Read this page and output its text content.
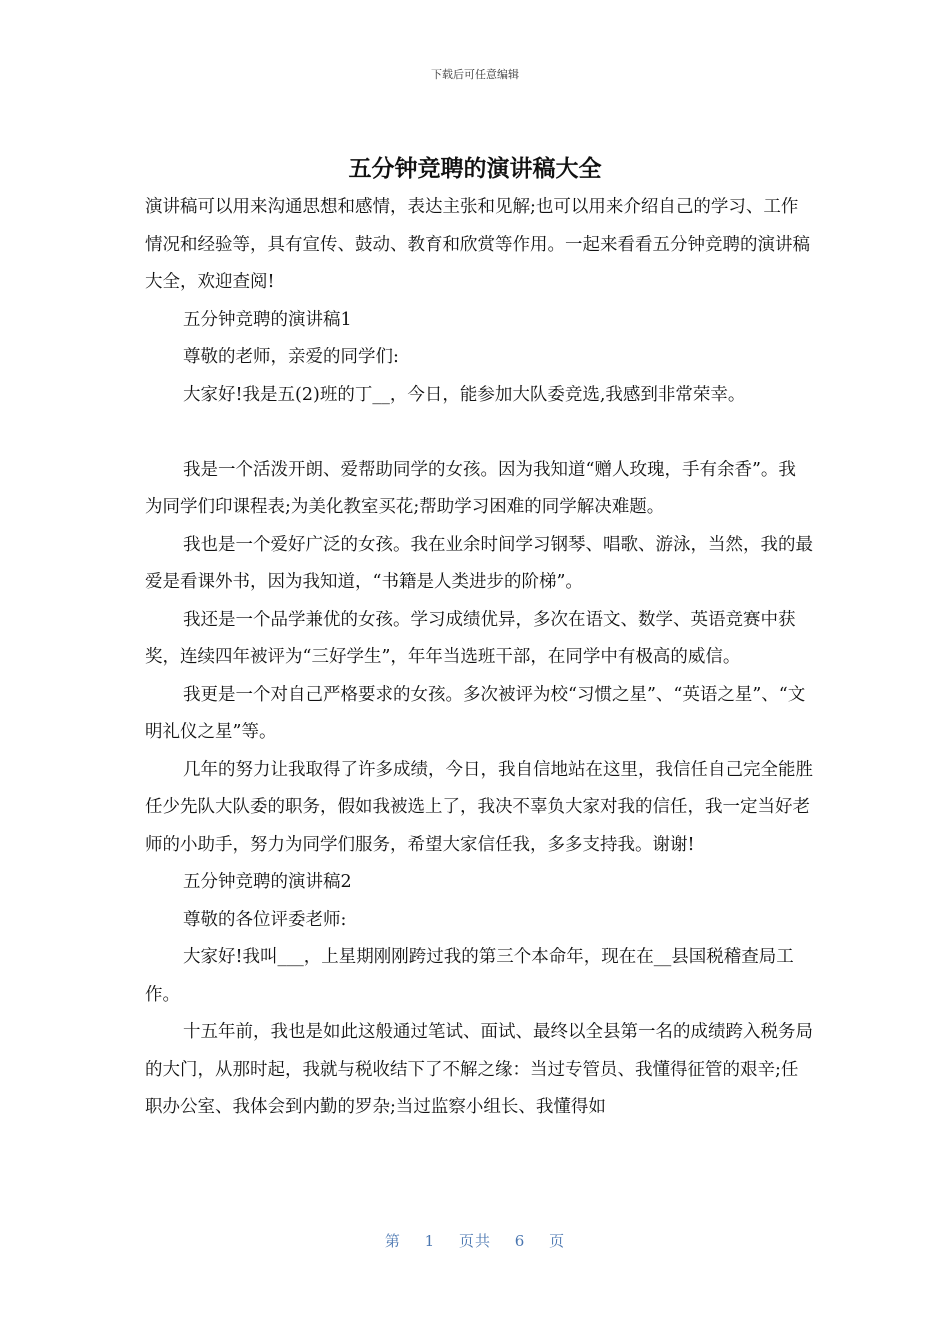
下载后可任意编辑
五分钟竞聘的演讲稿大全

演讲稿可以用来沟通思想和感情，表达主张和见解;也可以用来介绍自己的学习、工作情况和经验等，具有宣传、鼓动、教育和欣赏等作用。一起来看看五分钟竞聘的演讲稿大全，欢迎查阅!

五分钟竞聘的演讲稿1

尊敬的老师，亲爱的同学们:

大家好!我是五(2)班的丁__，今日，能参加大队委竞选,我感到非常荣幸。

我是一个活泼开朗、爱帮助同学的女孩。因为我知道“赠人玫瑰，手有余香”。我为同学们印课程表;为美化教室买花;帮助学习困难的同学解决难题。

我也是一个爱好广泛的女孩。我在业余时间学习钢琴、唱歌、游泳，当然，我的最爱是看课外书，因为我知道，“书籍是人类进步的阶梯”。

我还是一个品学兼优的女孩。学习成绩优异，多次在语文、数学、英语竞赛中获奖，连续四年被评为“三好学生”，年年当选班干部，在同学中有极高的威信。

我更是一个对自己严格要求的女孩。多次被评为校“习惯之星”、“英语之星”、“文明礼仪之星”等。

几年的努力让我取得了许多成绩，今日，我自信地站在这里，我信任自己完全能胜任少先队大队委的职务，假如我被选上了，我决不辜负大家对我的信任，我一定当好老师的小助手，努力为同学们服务，希望大家信任我，多多支持我。谢谢!

五分钟竞聘的演讲稿2

尊敬的各位评委老师:

大家好!我叫___，上星期刚刚跨过我的第三个本命年，现在在__县国税稽查局工作。

十五年前，我也是如此这般通过笔试、面试、最终以全县第一名的成绩跨入税务局的大门，从那时起，我就与税收结下了不解之缘：当过专管员、我懂得征管的艰辛;任职办公室、我体会到内勤的罗杂;当过监察小组长、我懂得如

第 1 页共 6 页
